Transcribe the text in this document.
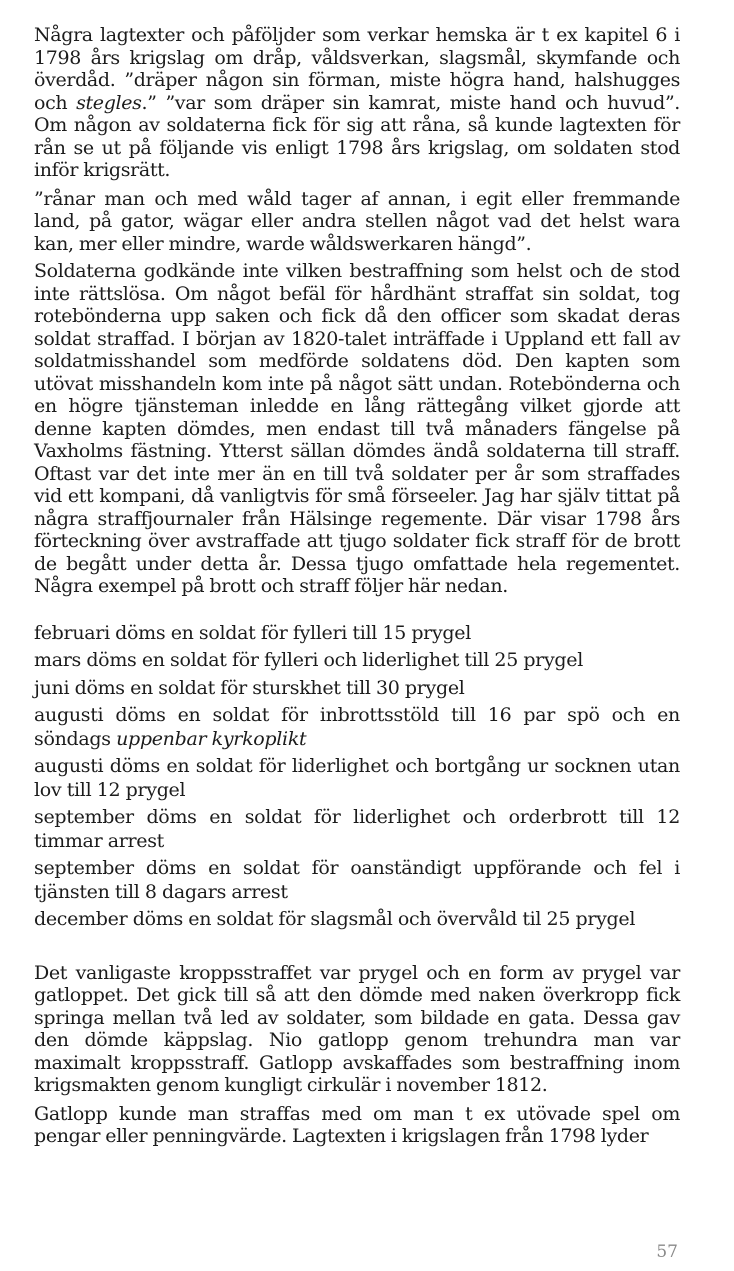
Några lagtexter och påföljder som verkar hemska är t ex kapitel 6 i 1798 års krigslag om dråp, våldsverkan, slagsmål, skymfande och överdåd. ”dräper någon sin förman, miste högra hand, halshugges och stegles.” ”var som dräper sin kamrat, miste hand och huvud”. Om någon av soldaterna fick för sig att råna, så kunde lagtexten för rån se ut på följande vis enligt 1798 års krigslag, om soldaten stod inför krigsrätt.

”rånar man och med wåld tager af annan, i egit eller fremmande land, på gator, wägar eller andra stellen något vad det helst wara kan, mer eller mindre, warde wåldswerkaren hängd”.

Soldaterna godkände inte vilken bestraffning som helst och de stod inte rättslösa. Om något befäl för hårdhänt straffat sin soldat, tog rotebönderna upp saken och fick då den officer som skadat deras soldat straffad. I början av 1820-talet inträffade i Uppland ett fall av soldatmisshandel som medförde soldatens död. Den kapten som utövat misshandeln kom inte på något sätt undan. Rotebönderna och en högre tjänsteman inledde en lång rättegång vilket gjorde att denne kapten dömdes, men endast till två månaders fängelse på Vaxholms fästning. Ytterst sällan dömdes ändå soldaterna till straff. Oftast var det inte mer än en till två soldater per år som straffades vid ett kompani, då vanligtvis för små förseeler. Jag har själv tittat på några straffjournaler från Hälsinge regemente. Där visar 1798 års förteckning över avstraffade att tjugo soldater fick straff för de brott de begått under detta år. Dessa tjugo omfattade hela regementet. Några exempel på brott och straff följer här nedan.

februari döms en soldat för fylleri till 15 prygel
mars döms en soldat för fylleri och liderlighet till 25 prygel
juni döms en soldat för sturskhet till 30 prygel
augusti döms en soldat för inbrottsstöld till 16 par spö och en söndags uppenbar kyrkoplikt
augusti döms en soldat för liderlighet och bortgång ur socknen utan lov till 12 prygel
september döms en soldat för liderlighet och orderbrott till 12 timmar arrest
september döms en soldat för oanständigt uppförande och fel i tjänsten till 8 dagars arrest
december döms en soldat för slagsmål och övervåld til 25 prygel

Det vanligaste kroppsstraffet var prygel och en form av prygel var gatloppet. Det gick till så att den dömde med naken överkropp fick springa mellan två led av soldater, som bildade en gata. Dessa gav den dömde käppslag. Nio gatlopp genom trehundra man var maximalt kroppsstraff. Gatlopp avskaffades som bestraffning inom krigsmakten genom kungligt cirkulär i november 1812.

Gatlopp kunde man straffas med om man t ex utövade spel om pengar eller penningvärde. Lagtexten i krigslagen från 1798 lyder

57
